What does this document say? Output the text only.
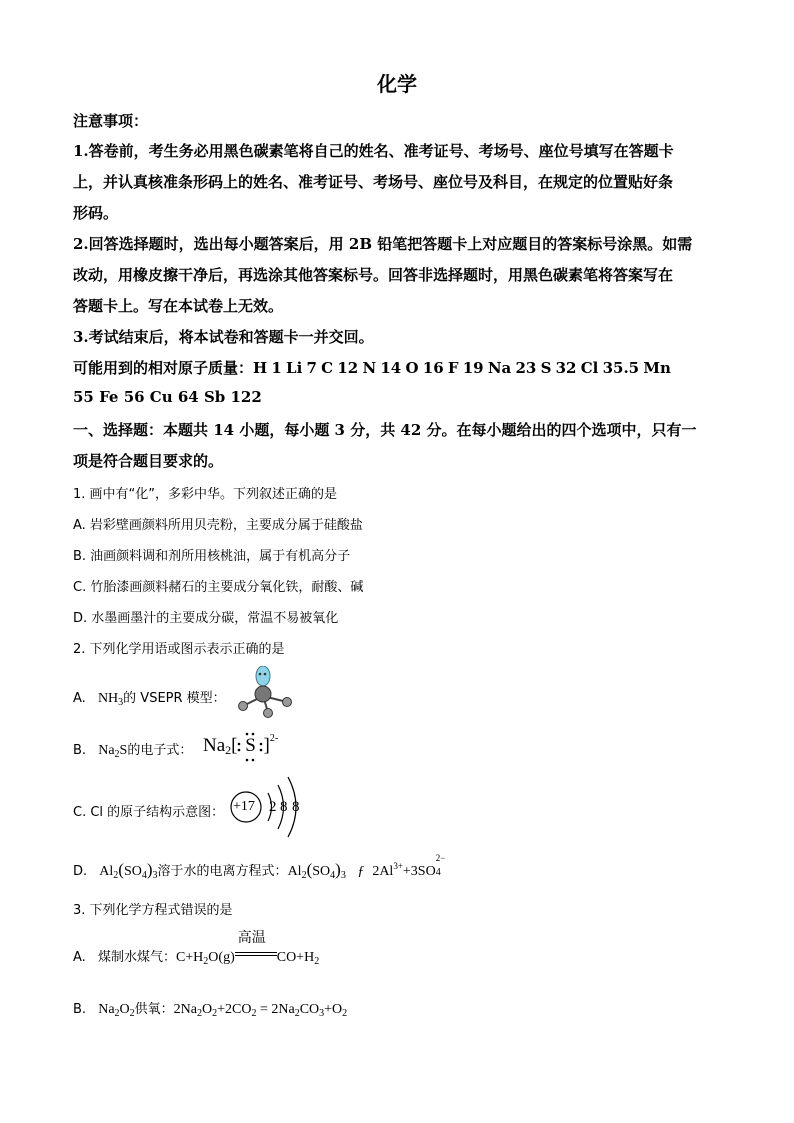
化学
注意事项：
1.答卷前，考生务必用黑色碳素笔将自己的姓名、准考证号、考场号、座位号填写在答题卡
上，并认真核准条形码上的姓名、准考证号、考场号、座位号及科目，在规定的位置贴好条
形码。
2.回答选择题时，选出每小题答案后，用 2B 铅笔把答题卡上对应题目的答案标号涂黑。如需
改动，用橡皮擦干净后，再选涂其他答案标号。回答非选择题时，用黑色碳素笔将答案写在
答题卡上。写在本试卷上无效。
3.考试结束后，将本试卷和答题卡一并交回。
可能用到的相对原子质量：H 1 Li 7 C 12 N 14 O 16 F 19 Na 23 S 32 Cl 35.5 Mn
55 Fe 56 Cu 64 Sb 122
一、选择题：本题共 14 小题，每小题 3 分，共 42 分。在每小题给出的四个选项中，只有一
项是符合题目要求的。
1. 画中有“化”，多彩中华。下列叙述正确的是
A. 岩彩壁画颜料所用贝壳粉，主要成分属于硅酸盐
B. 油画颜料调和剂所用核桃油，属于有机高分子
C. 竹胎漆画颜料赭石的主要成分氧化铁，耐酸、碱
D. 水墨画墨汁的主要成分碳，常温不易被氧化
2. 下列化学用语或图示表示正确的是
A. $NH_3$的 VSEPR 模型：
B. $Na_2S$的电子式： $Na_2$[ S ]$^{2-}$
C. Cl 的原子结构示意图： +17 2 8 8
D. $Al_2(SO_4)_3$溶于水的电离方程式：$Al_2(SO_4)_3$ ƒ $2Al^{3+}+3SO$
2−
4
3. 下列化学方程式错误的是
A. 煤制水煤气：$C+H_2O(g)$
高温
$CO+H_2$
B. $Na_2O_2$供氧：$2Na_2O_2+2CO_2 = 2Na_2CO_3+O_2$
